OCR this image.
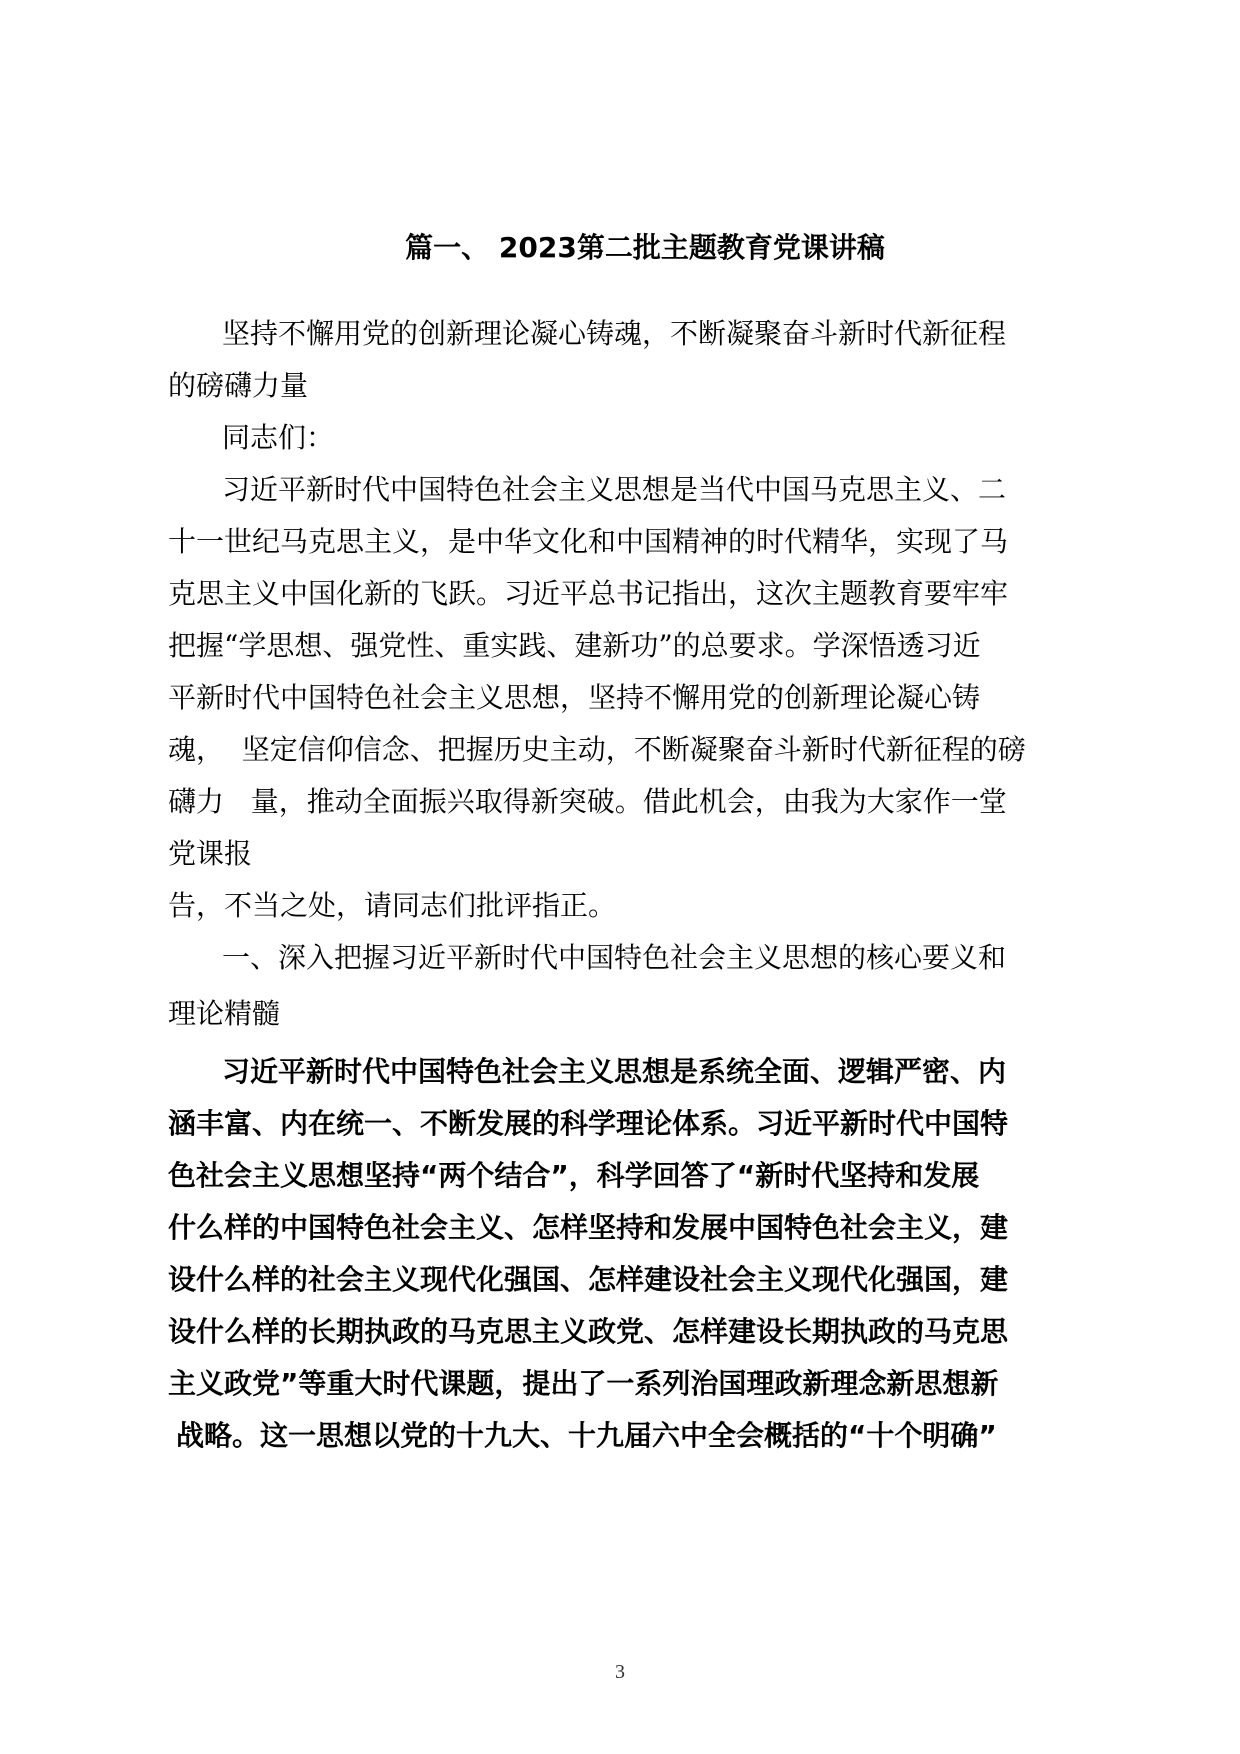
篇一、 2023第二批主题教育党课讲稿
坚持不懈用党的创新理论凝心铸魂，不断凝聚奋斗新时代新征程
的磅礴力量
同志们：
习近平新时代中国特色社会主义思想是当代中国马克思主义、二
十一世纪马克思主义，是中华文化和中国精神的时代精华，实现了马
克思主义中国化新的飞跃。习近平总书记指出，这次主题教育要牢牢
把握“学思想、强党性、重实践、建新功”的总要求。学深悟透习近
平新时代中国特色社会主义思想，坚持不懈用党的创新理论凝心铸
魂，  坚定信仰信念、把握历史主动，不断凝聚奋斗新时代新征程的磅
礴力   量，推动全面振兴取得新突破。借此机会，由我为大家作一堂
党课报
告，不当之处，请同志们批评指正。
一、深入把握习近平新时代中国特色社会主义思想的核心要义和
理论精髓
习近平新时代中国特色社会主义思想是系统全面、逻辑严密、内
涵丰富、内在统一、不断发展的科学理论体系。习近平新时代中国特
色社会主义思想坚持“两个结合”，科学回答了“新时代坚持和发展
什么样的中国特色社会主义、怎样坚持和发展中国特色社会主义，建
设什么样的社会主义现代化强国、怎样建设社会主义现代化强国，建
设什么样的长期执政的马克思主义政党、怎样建设长期执政的马克思
主义政党”等重大时代课题，提出了一系列治国理政新理念新思想新
战略。这一思想以党的十九大、十九届六中全会概括的“十个明确”
3
